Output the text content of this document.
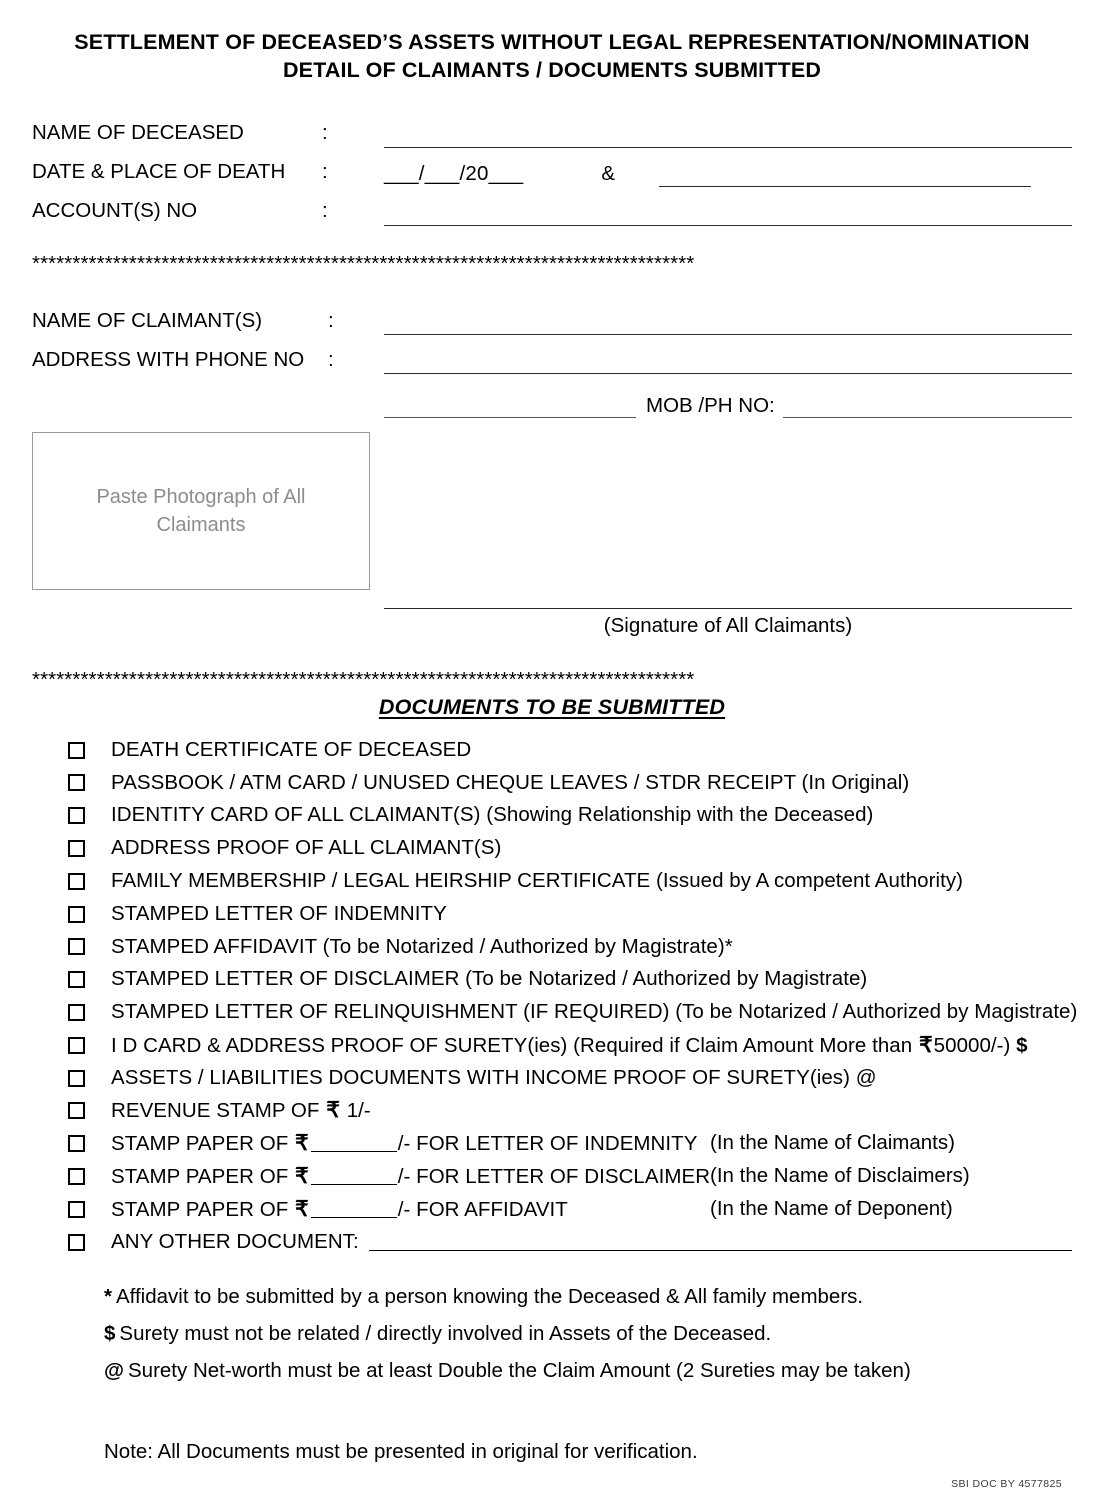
SETTLEMENT OF DECEASED’S ASSETS WITHOUT LEGAL REPRESENTATION/NOMINATION
DETAIL OF CLAIMANTS / DOCUMENTS SUBMITTED
NAME OF DECEASED	:
DATE & PLACE OF DEATH	:	___/___/20___	&
ACCOUNT(S) NO	:
**********************************************************************************
NAME OF CLAIMANT(S)	:
ADDRESS WITH PHONE NO	:
MOB /PH NO:
Paste Photograph of All Claimants
(Signature of All Claimants)
**********************************************************************************
DOCUMENTS TO BE SUBMITTED
DEATH CERTIFICATE OF DECEASED
PASSBOOK / ATM CARD / UNUSED CHEQUE LEAVES / STDR RECEIPT (In Original)
IDENTITY CARD OF ALL CLAIMANT(S) (Showing Relationship with the Deceased)
ADDRESS PROOF OF ALL CLAIMANT(S)
FAMILY MEMBERSHIP / LEGAL HEIRSHIP CERTIFICATE (Issued by A competent Authority)
STAMPED LETTER OF INDEMNITY
STAMPED AFFIDAVIT (To be Notarized / Authorized by Magistrate)*
STAMPED LETTER OF DISCLAIMER (To be Notarized / Authorized by Magistrate)
STAMPED LETTER OF RELINQUISHMENT (IF REQUIRED) (To be Notarized / Authorized by Magistrate)
I D CARD & ADDRESS PROOF OF SURETY(ies) (Required if Claim Amount More than ₹50000/-) $
ASSETS / LIABILITIES DOCUMENTS WITH INCOME PROOF OF SURETY(ies) @
REVENUE STAMP OF ₹ 1/-
STAMP PAPER OF ₹	/- FOR LETTER OF INDEMNITY (In the Name of Claimants)
STAMP PAPER OF ₹	/- FOR LETTER OF DISCLAIMER (In the Name of Disclaimers)
STAMP PAPER OF ₹	/- FOR AFFIDAVIT	(In the Name of Deponent)
ANY OTHER DOCUMENT:
* Affidavit to be submitted by a person knowing the Deceased & All family members.
$ Surety must not be related / directly involved in Assets of the Deceased.
@ Surety Net-worth must be at least Double the Claim Amount (2 Sureties may be taken)
Note: All Documents must be presented in original for verification.
SBI DOC BY 4577825
